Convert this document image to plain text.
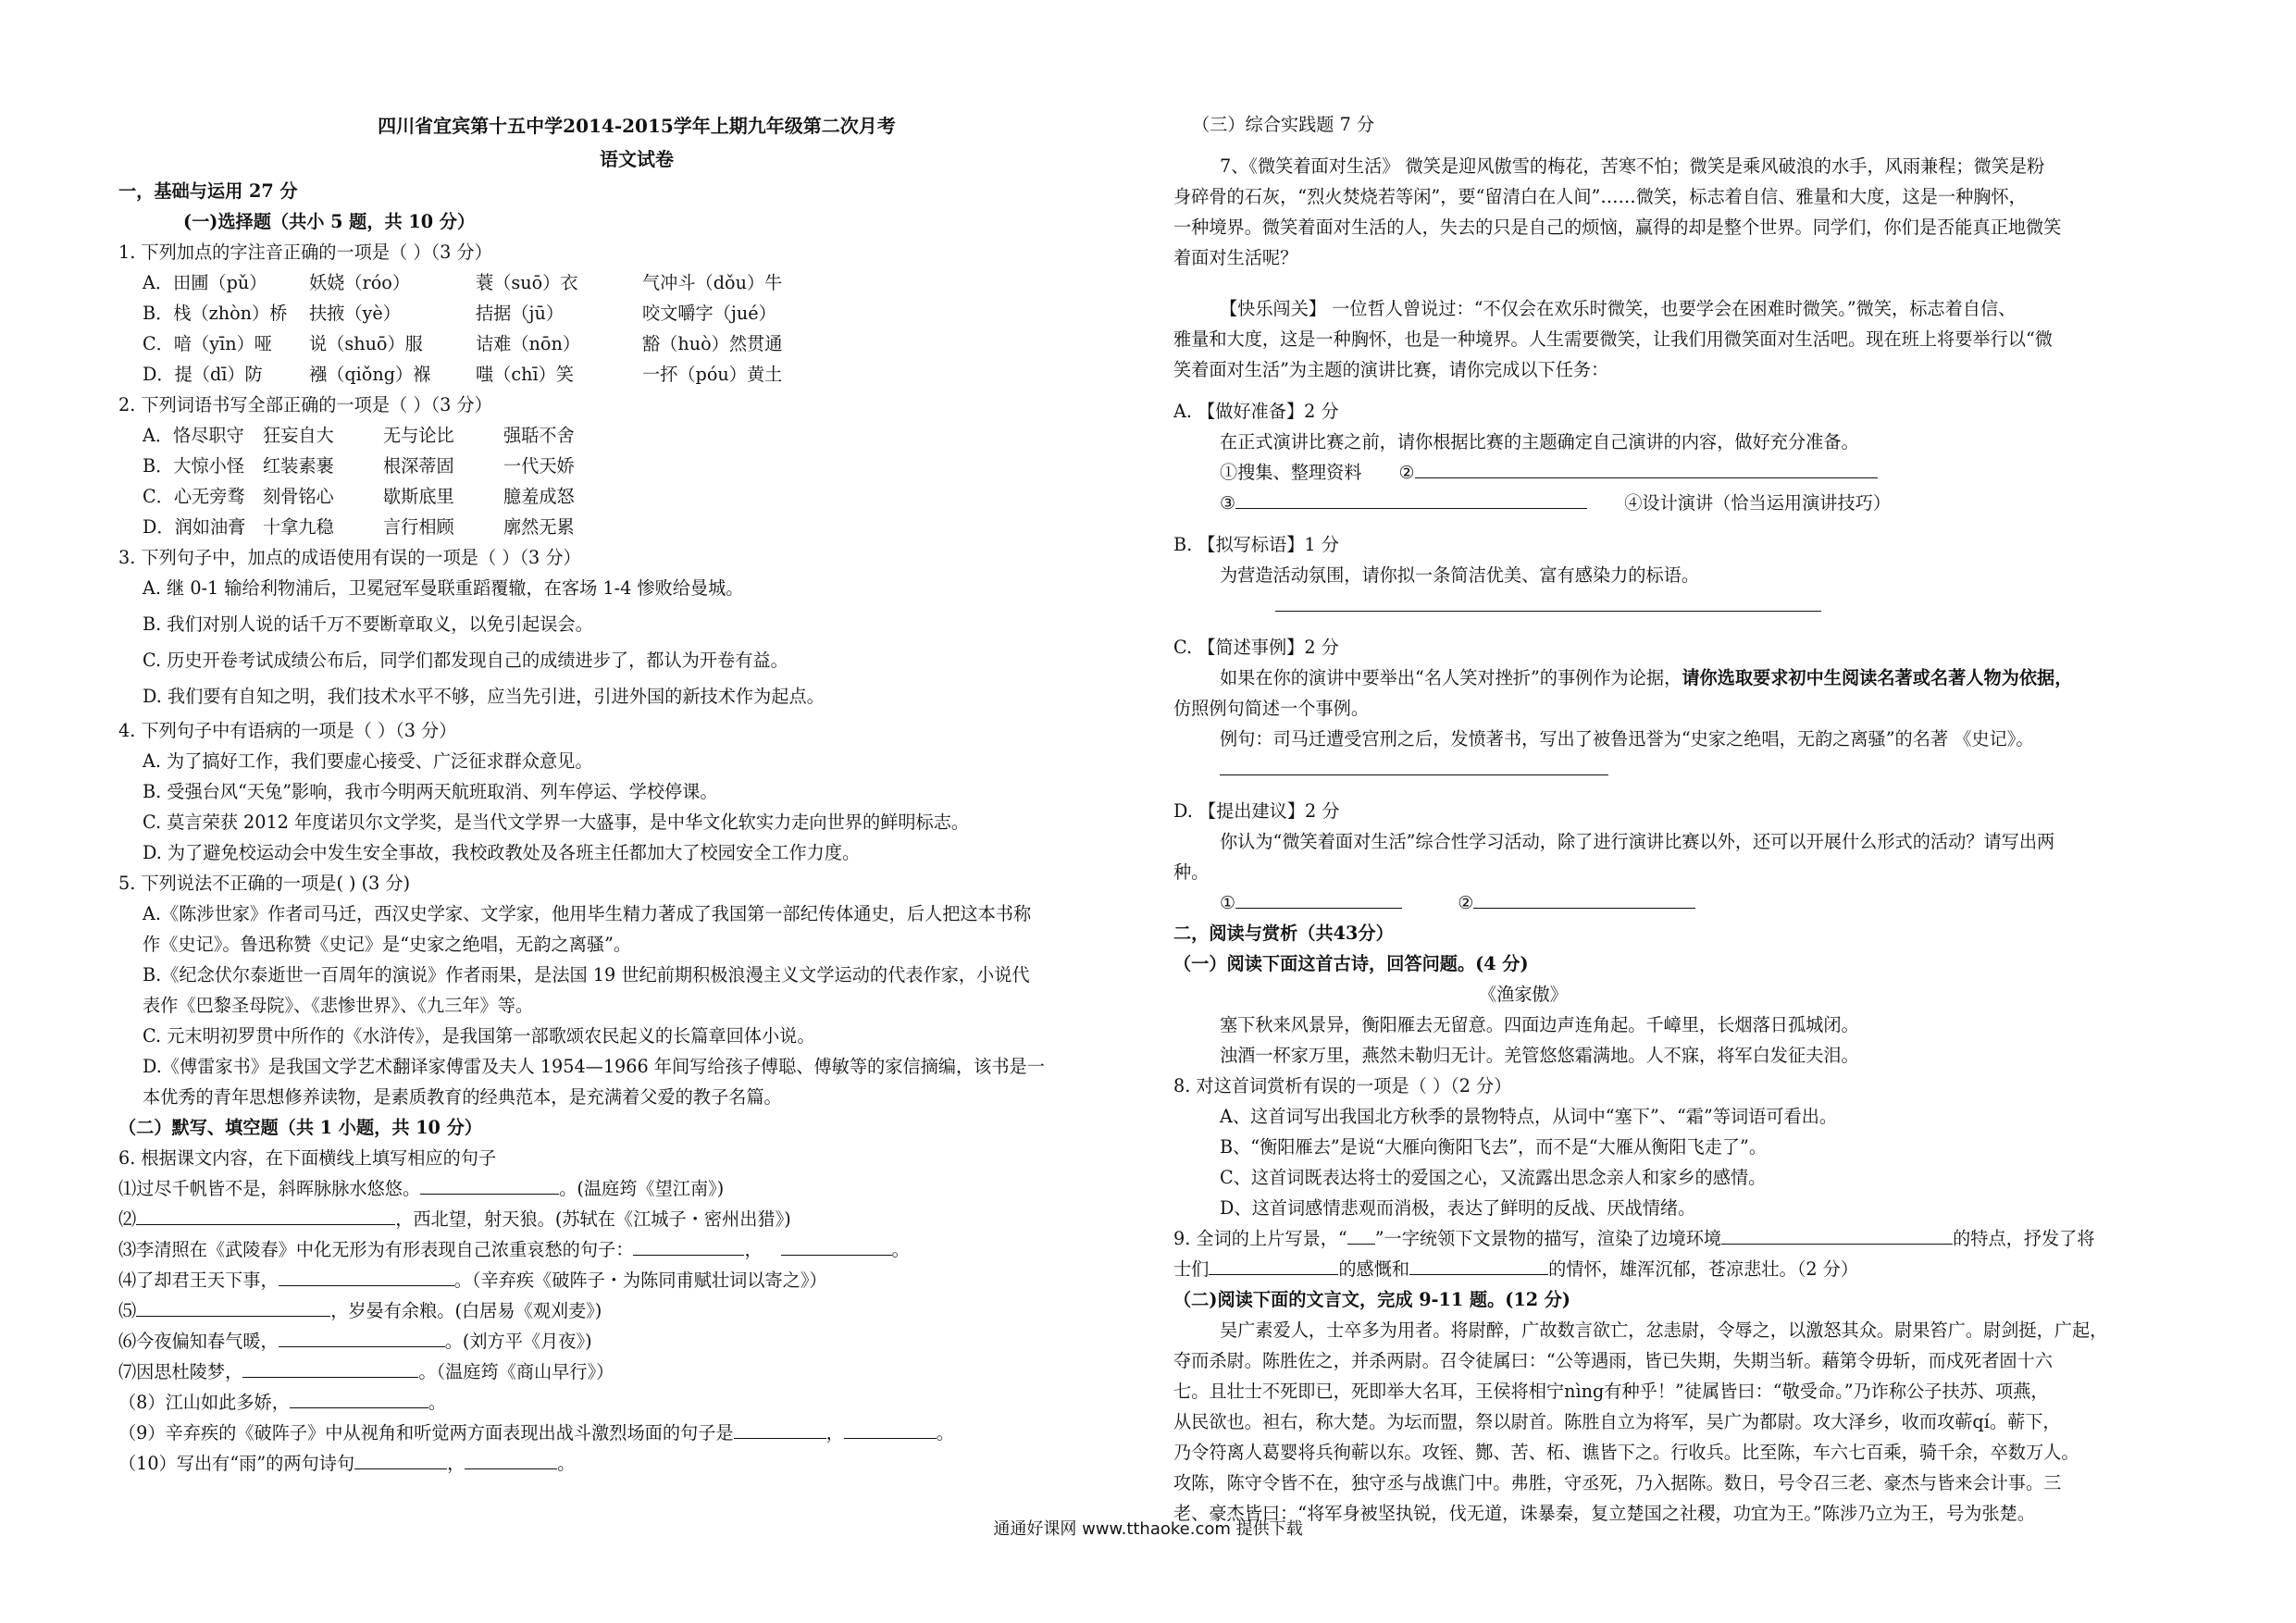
四川省宜宾第十五中学2014-2015学年上期九年级第二次月考
语文试卷
一，基础与运用 27 分
(一)选择题（共小 5 题，共 10 分）
1. 下列加点的字注音正确的一项是（ ）（3 分）
A．田圃（pǔ） 妖娆（róo）	蓑（suō）衣	气冲斗（dǒu）牛
B．栈（zhòn）桥 扶掖（yè）	拮据（jū）	咬文嚼字（jué）
C．喑（yīn）哑 说（shuō）服	诘难（nōn）	豁（huò）然贯通
D．提（dī）防	襁（qiǒng）褓	嗤（chī）笑	一抔（póu）黄土
2. 下列词语书写全部正确的一项是（ ）（3 分）
A．恪尽职守 狂妄自大	无与论比	强聒不舍
B．大惊小怪 红装素裹	根深蒂固	一代天娇
C．心无旁骛 刻骨铭心	歇斯底里	臆羞成怒
D．润如油膏 十拿九稳	言行相顾	廓然无累
3. 下列句子中，加点的成语使用有误的一项是（ ）（3 分）
A. 继 0-1 输给利物浦后，卫冕冠军曼联重蹈覆辙，在客场 1-4 惨败给曼城。
B. 我们对别人说的话千万不要断章取义，以免引起误会。
C. 历史开卷考试成绩公布后，同学们都发现自己的成绩进步了，都认为开卷有益。
D. 我们要有自知之明，我们技术水平不够，应当先引进，引进外国的新技术作为起点。
4. 下列句子中有语病的一项是（ ）（3 分）
A. 为了搞好工作，我们要虚心接受、广泛征求群众意见。
B. 受强台风“天兔”影响，我市今明两天航班取消、列车停运、学校停课。
C. 莫言荣获 2012 年度诺贝尔文学奖，是当代文学界一大盛事，是中华文化软实力走向世界的鲜明标志。
D. 为了避免校运动会中发生安全事故，我校政教处及各班主任都加大了校园安全工作力度。
5. 下列说法不正确的一项是( ) (3 分)
A.《陈涉世家》作者司马迁，西汉史学家、文学家，他用毕生精力著成了我国第一部纪传体通史，后人把这本书称
作《史记》。鲁迅称赞《史记》是“史家之绝唱，无韵之离骚”。
B.《纪念伏尔泰逝世一百周年的演说》作者雨果，是法国 19 世纪前期积极浪漫主义文学运动的代表作家，小说代
表作《巴黎圣母院》、《悲惨世界》、《九三年》等。
C. 元末明初罗贯中所作的《水浒传》，是我国第一部歌颂农民起义的长篇章回体小说。
D.《傅雷家书》是我国文学艺术翻译家傅雷及夫人 1954—1966 年间写给孩子傅聪、傅敏等的家信摘编，该书是一
本优秀的青年思想修养读物，是素质教育的经典范本，是充满着父爱的教子名篇。
（二）默写、填空题（共 1 小题，共 10 分）
6. 根据课文内容，在下面横线上填写相应的句子
⑴过尽千帆皆不是，斜晖脉脉水悠悠。	。(温庭筠《望江南》)
⑵	，西北望，射天狼。(苏轼在《江城子・密州出猎》)
⑶李清照在《武陵春》中化无形为有形表现自己浓重哀愁的句子：	，	。
⑷了却君王天下事，	。（辛弃疾《破阵子・为陈同甫赋壮词以寄之》）
⑸	，岁晏有余粮。(白居易《观刈麦》)
⑹今夜偏知春气暖，	。(刘方平《月夜》)
⑺因思杜陵梦，	。（温庭筠《商山早行》）
（8）江山如此多娇，	。
（9）辛弃疾的《破阵子》中从视角和听觉两方面表现出战斗激烈场面的句子是	，	。
（10）写出有“雨”的两句诗句	，	。
（三）综合实践题 7 分
7、《微笑着面对生活》 微笑是迎风傲雪的梅花，苦寒不怕；微笑是乘风破浪的水手，风雨兼程；微笑是粉
身碎骨的石灰，“烈火焚烧若等闲”，要“留清白在人间”……微笑，标志着自信、雅量和大度，这是一种胸怀，
一种境界。微笑着面对生活的人，失去的只是自己的烦恼，赢得的却是整个世界。同学们，你们是否能真正地微笑
着面对生活呢？
【快乐闯关】 一位哲人曾说过：“不仅会在欢乐时微笑，也要学会在困难时微笑。”微笑，标志着自信、
雅量和大度，这是一种胸怀，也是一种境界。人生需要微笑，让我们用微笑面对生活吧。现在班上将要举行以“微
笑着面对生活”为主题的演讲比赛，请你完成以下任务：
A. 【做好准备】2 分
在正式演讲比赛之前，请你根据比赛的主题确定自己演讲的内容，做好充分准备。
①搜集、整理资料 ②
③	④设计演讲（恰当运用演讲技巧）
B. 【拟写标语】1 分
为营造活动氛围，请你拟一条简洁优美、富有感染力的标语。
C. 【简述事例】2 分
如果在你的演讲中要举出“名人笑对挫折”的事例作为论据，请你选取要求初中生阅读名著或名著人物为依据，
仿照例句简述一个事例。
例句：司马迁遭受宫刑之后，发愤著书，写出了被鲁迅誉为“史家之绝唱，无韵之离骚”的名著 《史记》。
D. 【提出建议】2 分
你认为“微笑着面对生活”综合性学习活动，除了进行演讲比赛以外，还可以开展什么形式的活动？请写出两
种。
①	②
二，阅读与赏析（共43分）
（一）阅读下面这首古诗，回答问题。(4 分)
《渔家傲》
塞下秋来风景异，衡阳雁去无留意。四面边声连角起。千嶂里，长烟落日孤城闭。
浊酒一杯家万里，燕然未勒归无计。羌管悠悠霜满地。人不寐，将军白发征夫泪。
8. 对这首词赏析有误的一项是（ ）（2 分）
A、这首词写出我国北方秋季的景物特点，从词中“塞下”、“霜”等词语可看出。
B、“衡阳雁去”是说“大雁向衡阳飞去”，而不是“大雁从衡阳飞走了”。
C、这首词既表达将士的爱国之心，又流露出思念亲人和家乡的感情。
D、这首词感情悲观而消极，表达了鲜明的反战、厌战情绪。
9. 全词的上片写景，“ ”一字统领下文景物的描写，渲染了边境环境	的特点，抒发了将
士们	的感慨和	的情怀，雄浑沉郁，苍凉悲壮。（2 分）
（二)阅读下面的文言文，完成 9-11 题。(12 分)
吴广素爱人，士卒多为用者。将尉醉，广故数言欲亡，忿恚尉，令辱之，以激怒其众。尉果笞广。尉剑挺，广起，
夺而杀尉。陈胜佐之，并杀两尉。召令徒属曰：“公等遇雨，皆已失期，失期当斩。藉第令毋斩，而戍死者固十六
七。且壮士不死即已，死即举大名耳，王侯将相宁nìng有种乎！”徒属皆曰：“敬受命。”乃诈称公子扶苏、项燕，
从民欲也。袒右，称大楚。为坛而盟，祭以尉首。陈胜自立为将军，吴广为都尉。攻大泽乡，收而攻蕲qí。蕲下，
乃令符离人葛婴将兵徇蕲以东。攻铚、酂、苦、柘、谯皆下之。行收兵。比至陈，车六七百乘，骑千余，卒数万人。
攻陈，陈守令皆不在，独守丞与战谯门中。弗胜，守丞死，乃入据陈。数日，号令召三老、豪杰与皆来会计事。三
老、豪杰皆曰：“将军身被坚执锐，伐无道，诛暴秦，复立楚国之社稷，功宜为王。”陈涉乃立为王，号为张楚。
通通好课网 www.tthaoke.com 提供下载
